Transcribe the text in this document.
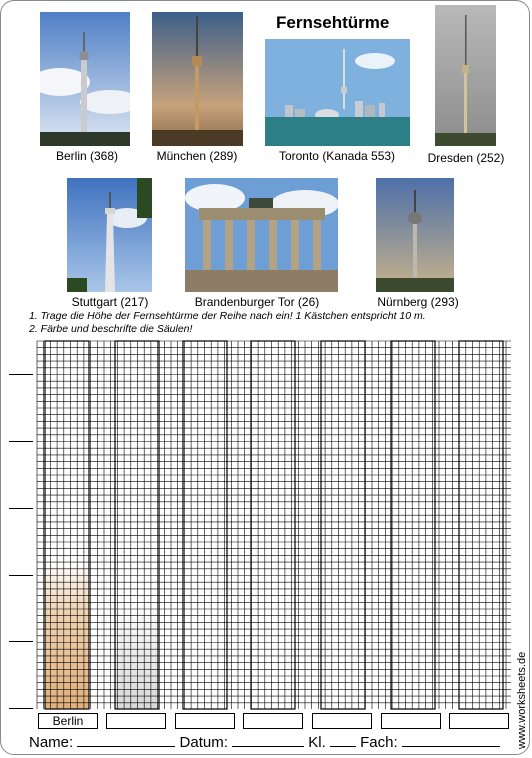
Fernsehtürme
Berlin (368)	München (289)	Toronto (Kanada 553)	Dresden (252)
Stuttgart (217)	Brandenburger Tor (26)	Nürnberg (293)
1. Trage die Höhe der Fernsehtürme der Reihe nach ein! 1 Kästchen entspricht 10 m.
2. Färbe und beschrifte die Säulen!
Berlin
Name:	Datum:	Kl. Fach:	www.worksheets.de
